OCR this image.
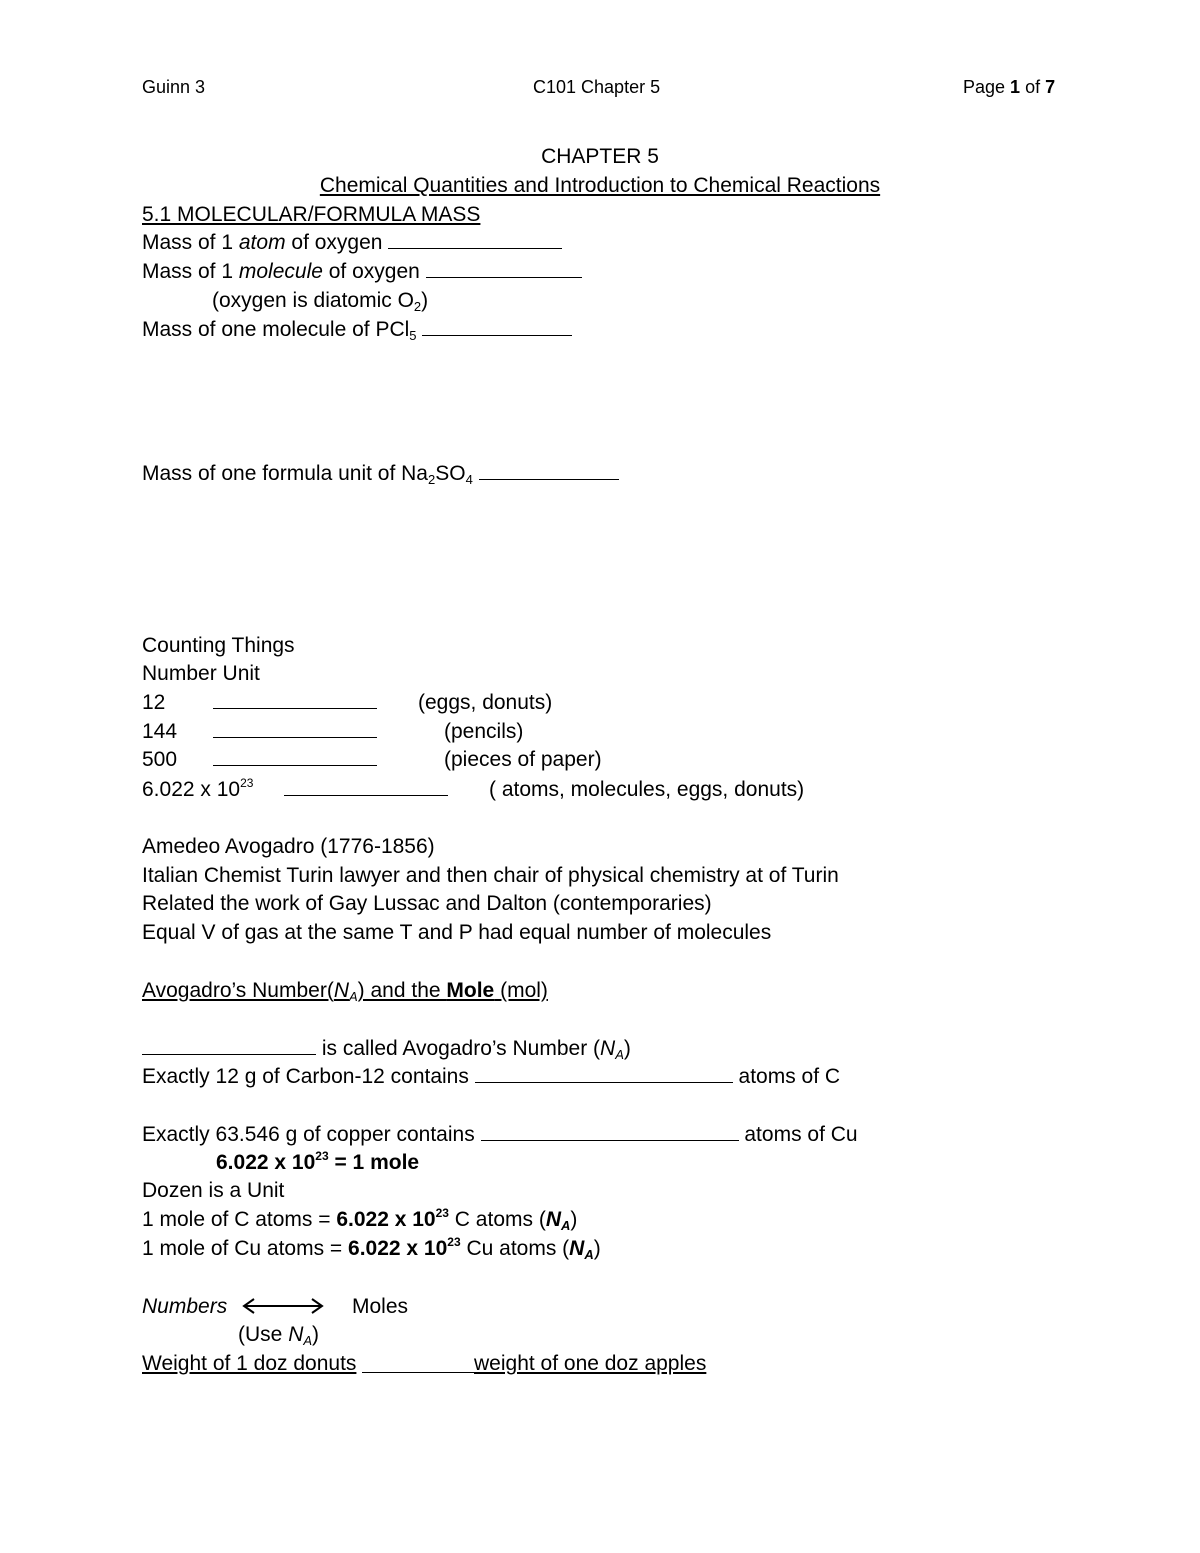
Guinn 3	C101 Chapter 5	Page 1 of 7
CHAPTER 5
Chemical Quantities and Introduction to Chemical Reactions
5.1 MOLECULAR/FORMULA MASS
Mass of 1 atom of oxygen
Mass of 1 molecule of oxygen
(oxygen is diatomic $O_2$)
Mass of one molecule of PCl$_5$
Mass of one formula unit of $Na_2SO_4$
Counting Things
Number Unit
12	(eggs, donuts)
144	(pencils)
500	(pieces of paper)
6.022 x $10^{23}$	( atoms, molecules, eggs, donuts)
Amedeo Avogadro (1776-1856)
Italian Chemist Turin lawyer and then chair of physical chemistry at of Turin
Related the work of Gay Lussac and Dalton (contemporaries)
Equal V of gas at the same T and P had equal number of molecules
Avogadro’s $Number(N_A)$ and the Mole (mol)
is called Avogadro’s Number $(N_A)$
Exactly 12 g of Carbon-12 contains	atoms of C
Exactly 63.546 g of copper contains	atoms of Cu
6.022 x $10^{23} = 1$ mole
Dozen is a Unit
1 mole of C atoms = 6.022 x $10^{23}$ C atoms $(N_A)$
1 mole of Cu atoms = 6.022 x $10^{23}$ Cu atoms $(N_A)$
Numbers	Moles
(Use $N_A$)
Weight of 1 doz donuts	weight of one doz apples
